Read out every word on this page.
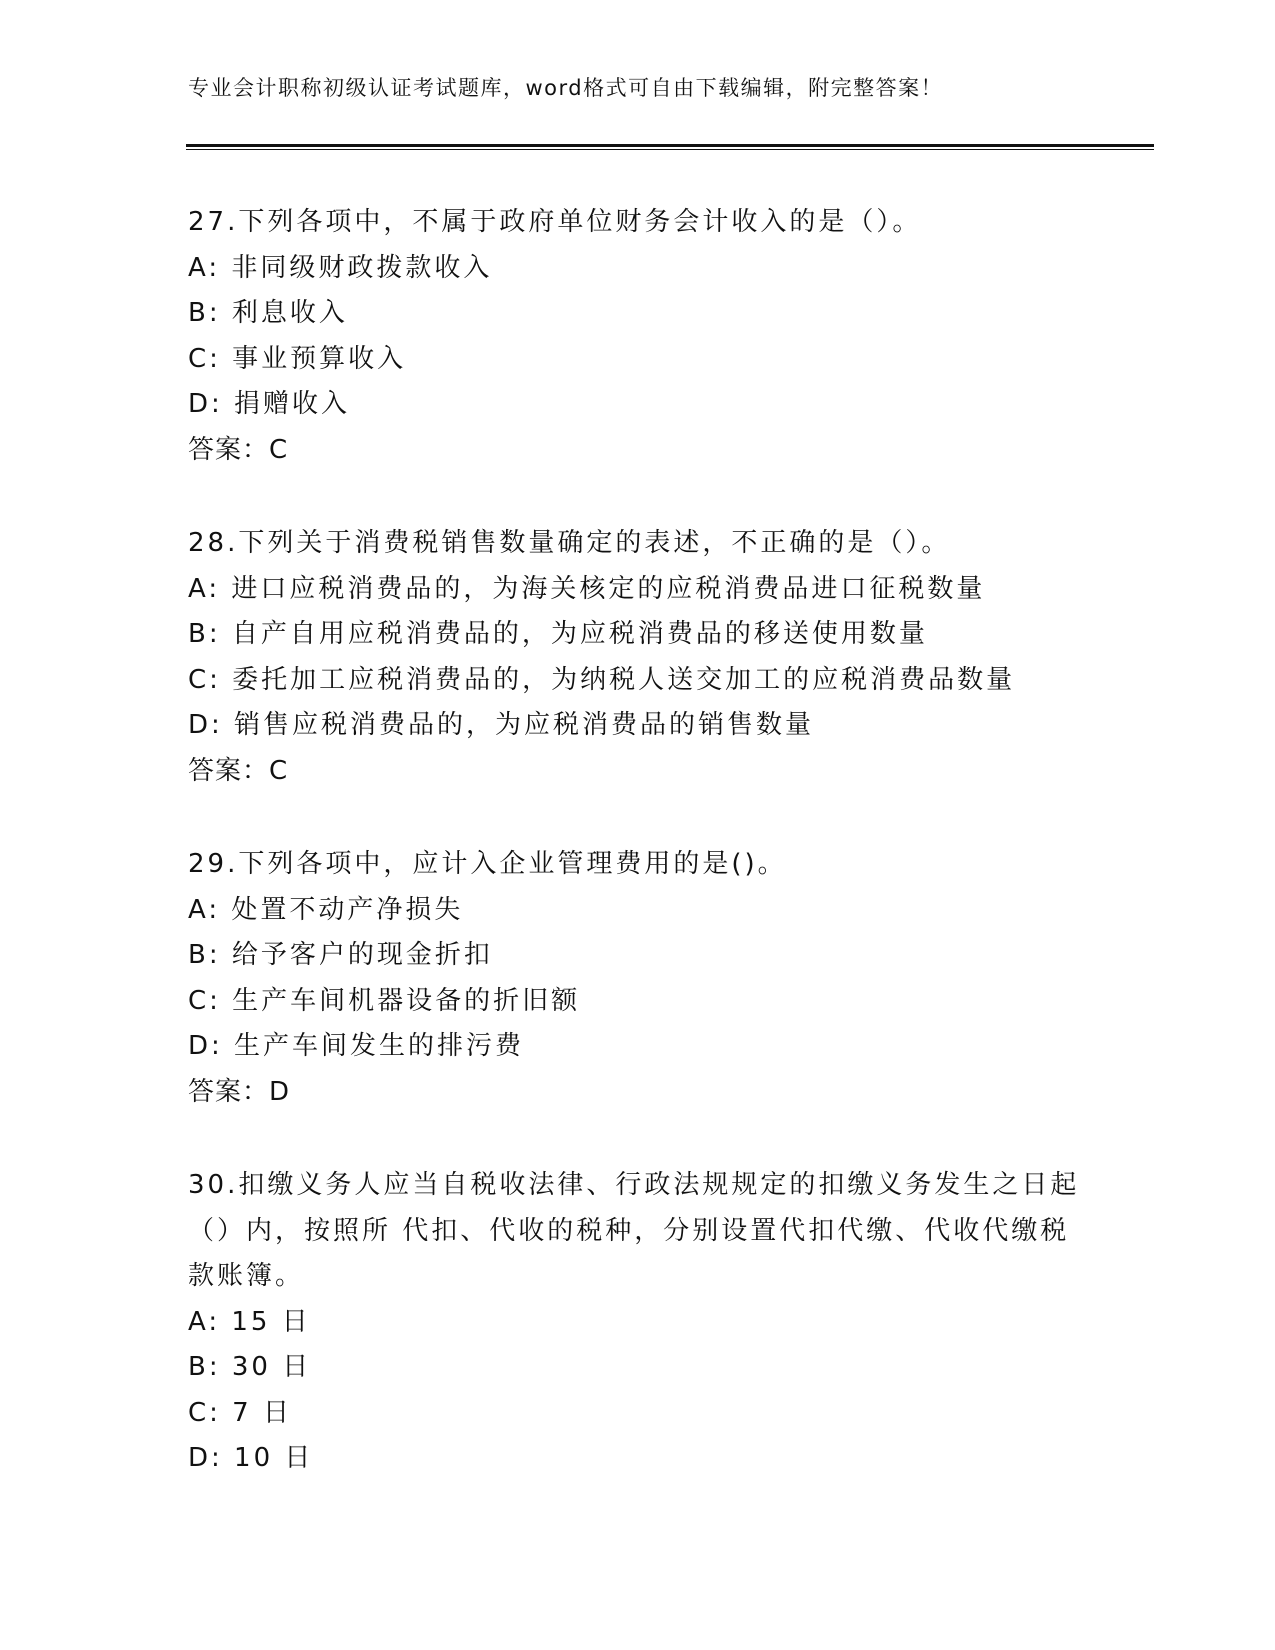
专业会计职称初级认证考试题库，word格式可自由下载编辑，附完整答案！
27.下列各项中，不属于政府单位财务会计收入的是（）。
A: 非同级财政拨款收入
B: 利息收入
C: 事业预算收入
D: 捐赠收入
答案：C
28.下列关于消费税销售数量确定的表述，不正确的是（）。
A: 进口应税消费品的，为海关核定的应税消费品进口征税数量
B: 自产自用应税消费品的，为应税消费品的移送使用数量
C: 委托加工应税消费品的，为纳税人送交加工的应税消费品数量
D: 销售应税消费品的，为应税消费品的销售数量
答案：C
29.下列各项中，应计入企业管理费用的是()。
A: 处置不动产净损失
B: 给予客户的现金折扣
C: 生产车间机器设备的折旧额
D: 生产车间发生的排污费
答案：D
30.扣缴义务人应当自税收法律、行政法规规定的扣缴义务发生之日起（）内，按照所 代扣、代收的税种，分别设置代扣代缴、代收代缴税款账簿。
A: 15 日
B: 30 日
C: 7 日
D: 10 日
